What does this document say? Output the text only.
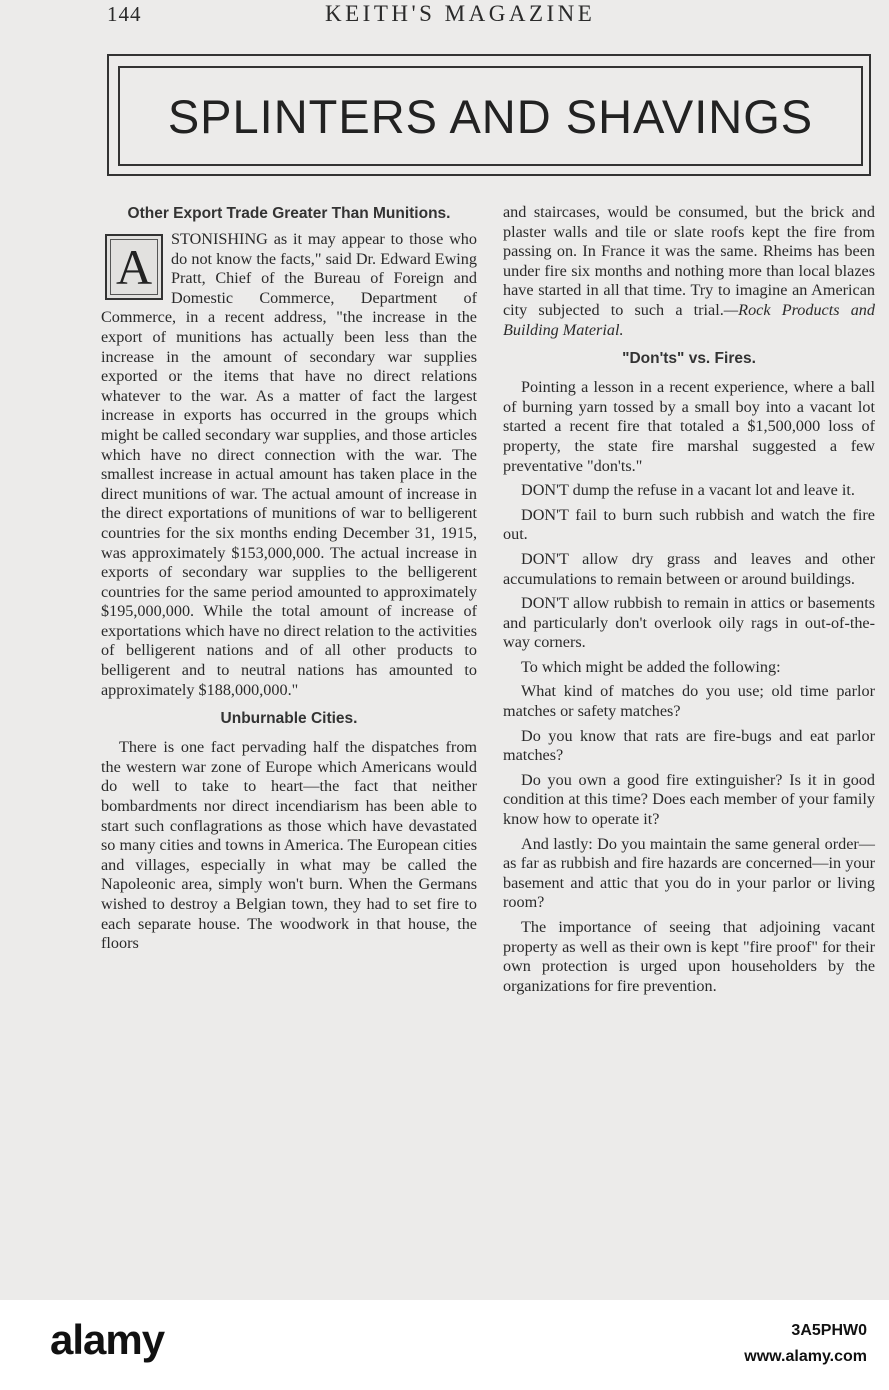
144	KEITH'S MAGAZINE
SPLINTERS AND SHAVINGS
Other Export Trade Greater Than Munitions.

A STONISHING as it may appear to those who do not know the facts," said Dr. Edward Ewing Pratt, Chief of the Bureau of Foreign and Domestic Commerce, Department of Commerce, in a recent address, "the increase in the export of munitions has actually been less than the increase in the amount of secondary war supplies exported or the items that have no direct relations whatever to the war. As a matter of fact the largest increase in exports has occurred in the groups which might be called secondary war supplies, and those articles which have no direct connection with the war. The smallest increase in actual amount has taken place in the direct munitions of war. The actual amount of increase in the direct exportations of munitions of war to belligerent countries for the six months ending December 31, 1915, was approximately $153,000,000. The actual increase in exports of secondary war supplies to the belligerent countries for the same period amounted to approximately $195,000,000. While the total amount of increase of exportations which have no direct relation to the activities of belligerent nations and of all other products to belligerent and to neutral nations has amounted to approximately $188,000,000."

Unburnable Cities.

There is one fact pervading half the dispatches from the western war zone of Europe which Americans would do well to take to heart—the fact that neither bombardments nor direct incendiarism has been able to start such conflagrations as those which have devastated so many cities and towns in America. The European cities and villages, especially in what may be called the Napoleonic area, simply won't burn. When the Germans wished to destroy a Belgian town, they had to set fire to each separate house. The woodwork in that house, the floors

and staircases, would be consumed, but the brick and plaster walls and tile or slate roofs kept the fire from passing on. In France it was the same. Rheims has been under fire six months and nothing more than local blazes have started in all that time. Try to imagine an American city subjected to such a trial.—Rock Products and Building Material.

"Don'ts" vs. Fires.

Pointing a lesson in a recent experience, where a ball of burning yarn tossed by a small boy into a vacant lot started a recent fire that totaled a $1,500,000 loss of property, the state fire marshal suggested a few preventative "don'ts."

DON'T dump the refuse in a vacant lot and leave it.

DON'T fail to burn such rubbish and watch the fire out.

DON'T allow dry grass and leaves and other accumulations to remain between or around buildings.

DON'T allow rubbish to remain in attics or basements and particularly don't overlook oily rags in out-of-the-way corners.

To which might be added the following:

What kind of matches do you use; old time parlor matches or safety matches?

Do you know that rats are fire-bugs and eat parlor matches?

Do you own a good fire extinguisher? Is it in good condition at this time? Does each member of your family know how to operate it?

And lastly: Do you maintain the same general order—as far as rubbish and fire hazards are concerned—in your basement and attic that you do in your parlor or living room?

The importance of seeing that adjoining vacant property as well as their own is kept "fire proof" for their own protection is urged upon householders by the organizations for fire prevention.

alamy	3A5PHW0
www.alamy.com
